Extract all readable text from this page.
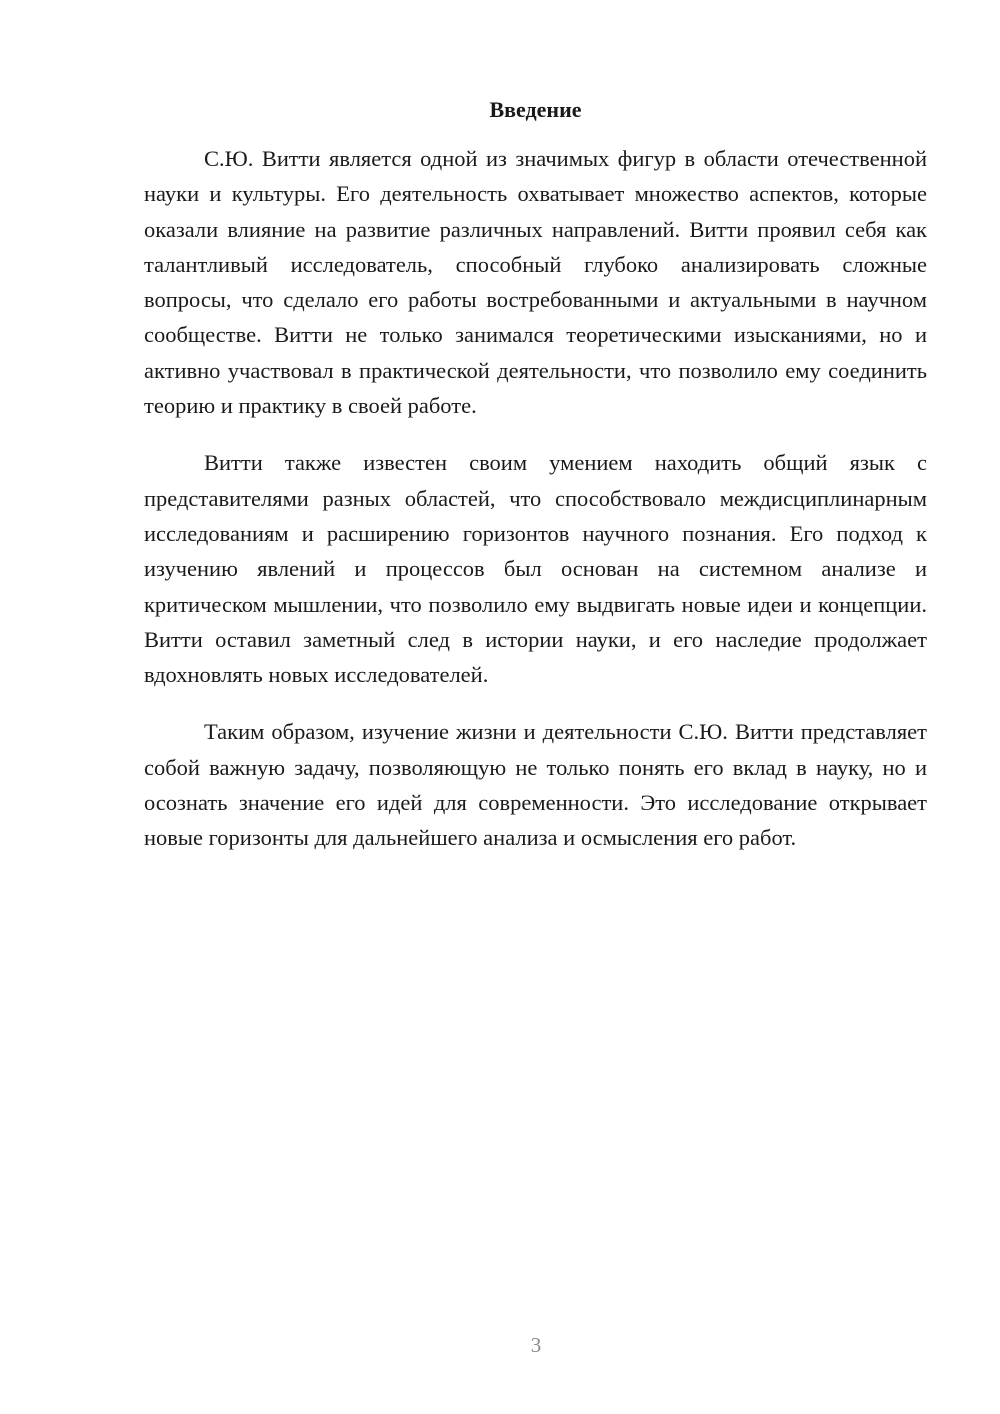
Введение

С.Ю. Витти является одной из значимых фигур в области отечественной науки и культуры. Его деятельность охватывает множество аспектов, которые оказали влияние на развитие различных направлений. Витти проявил себя как талантливый исследователь, способный глубоко анализировать сложные вопросы, что сделало его работы востребованными и актуальными в научном сообществе. Витти не только занимался теоретическими изысканиями, но и активно участвовал в практической деятельности, что позволило ему соединить теорию и практику в своей работе.

Витти также известен своим умением находить общий язык с представителями разных областей, что способствовало междисциплинарным исследованиям и расширению горизонтов научного познания. Его подход к изучению явлений и процессов был основан на системном анализе и критическом мышлении, что позволило ему выдвигать новые идеи и концепции. Витти оставил заметный след в истории науки, и его наследие продолжает вдохновлять новых исследователей.

Таким образом, изучение жизни и деятельности С.Ю. Витти представляет собой важную задачу, позволяющую не только понять его вклад в науку, но и осознать значение его идей для современности. Это исследование открывает новые горизонты для дальнейшего анализа и осмысления его работ.

3
